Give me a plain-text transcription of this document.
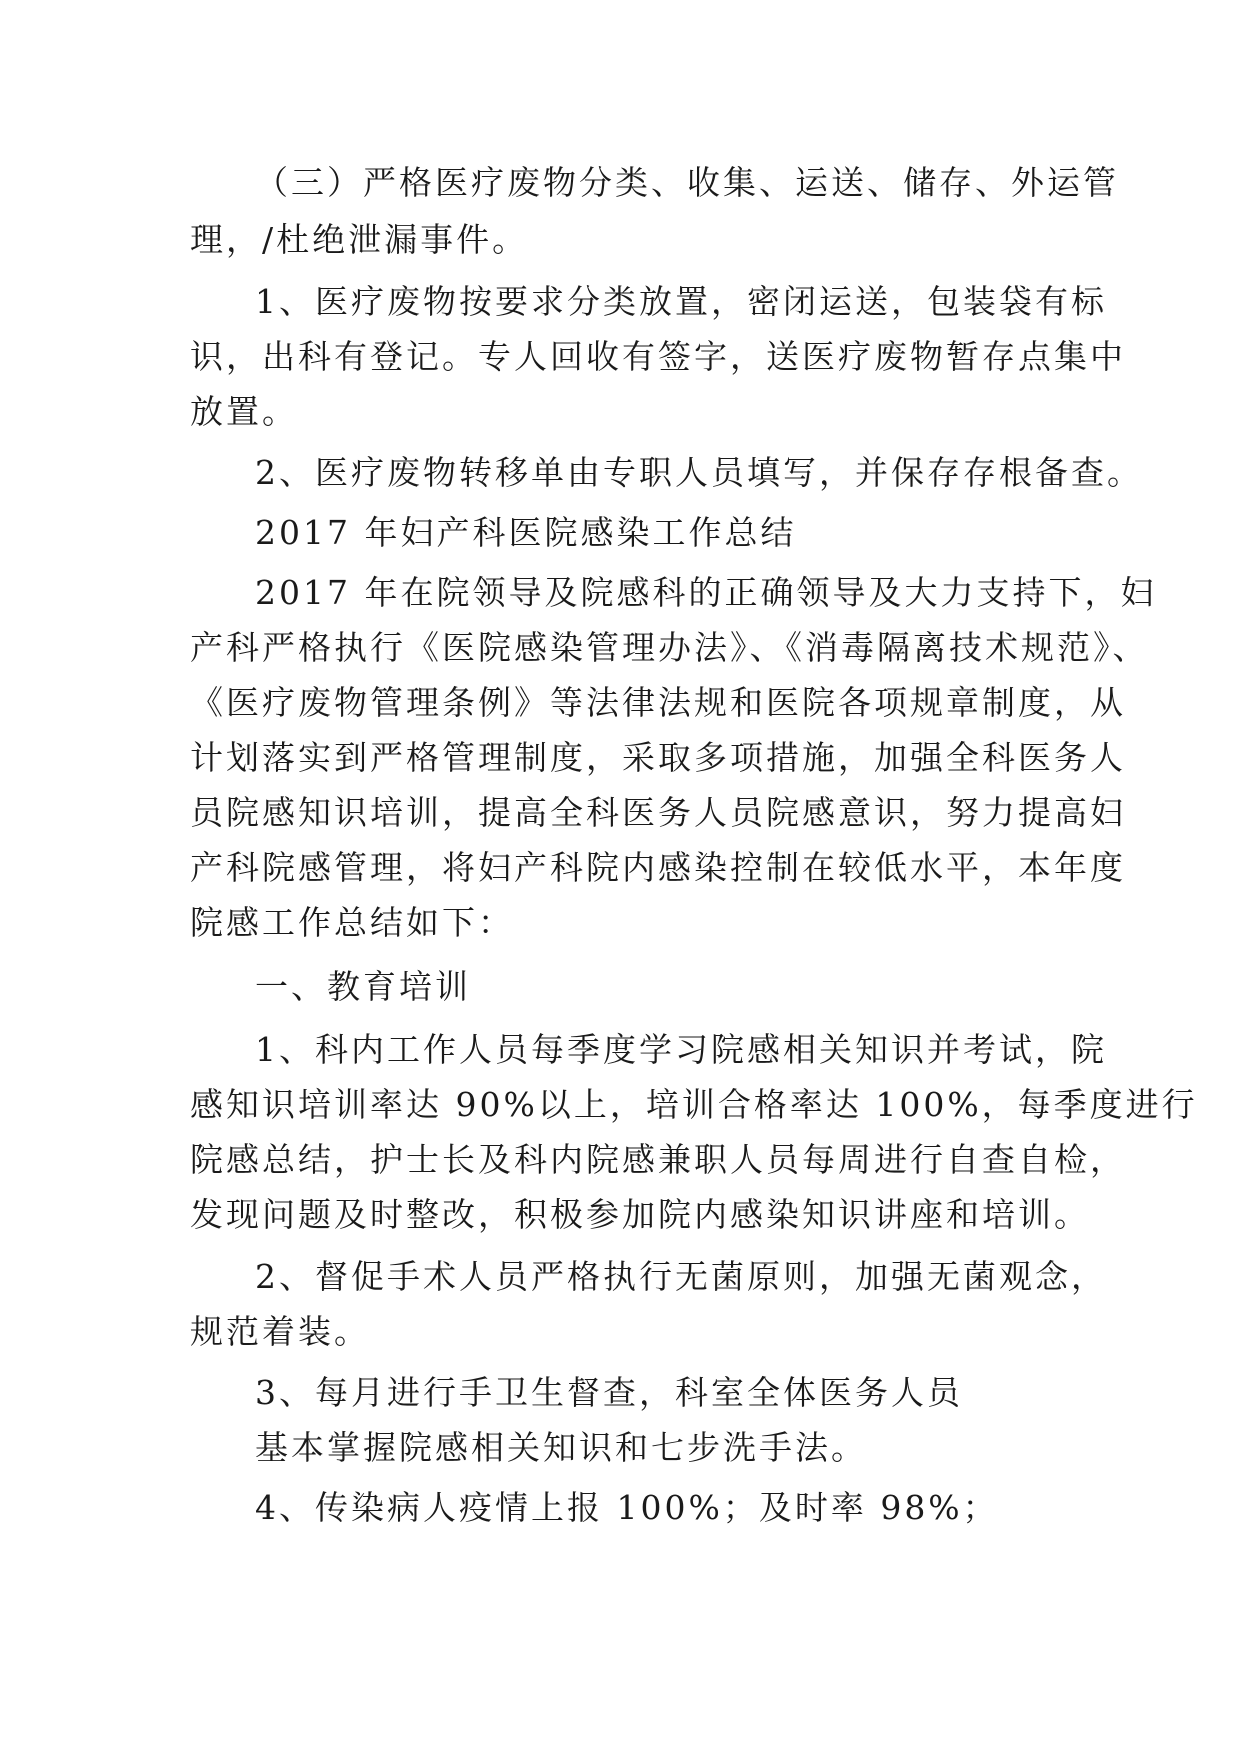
（三）严格医疗废物分类、收集、运送、储存、外运管
理，/杜绝泄漏事件。
1、医疗废物按要求分类放置，密闭运送，包装袋有标
识，出科有登记。专人回收有签字，送医疗废物暂存点集中
放置。
2、医疗废物转移单由专职人员填写，并保存存根备查。
2017 年妇产科医院感染工作总结
2017 年在院领导及院感科的正确领导及大力支持下，妇
产科严格执行《医院感染管理办法》、《消毒隔离技术规范》、
《医疗废物管理条例》等法律法规和医院各项规章制度，从
计划落实到严格管理制度，采取多项措施，加强全科医务人
员院感知识培训，提高全科医务人员院感意识，努力提高妇
产科院感管理，将妇产科院内感染控制在较低水平，本年度
院感工作总结如下：
一、教育培训
1、科内工作人员每季度学习院感相关知识并考试，院
感知识培训率达 90%以上，培训合格率达 100%，每季度进行
院感总结，护士长及科内院感兼职人员每周进行自查自检，
发现问题及时整改，积极参加院内感染知识讲座和培训。
2、督促手术人员严格执行无菌原则，加强无菌观念，
规范着装。
3、每月进行手卫生督查，科室全体医务人员
基本掌握院感相关知识和七步洗手法。
4、传染病人疫情上报 100%；及时率 98%；
